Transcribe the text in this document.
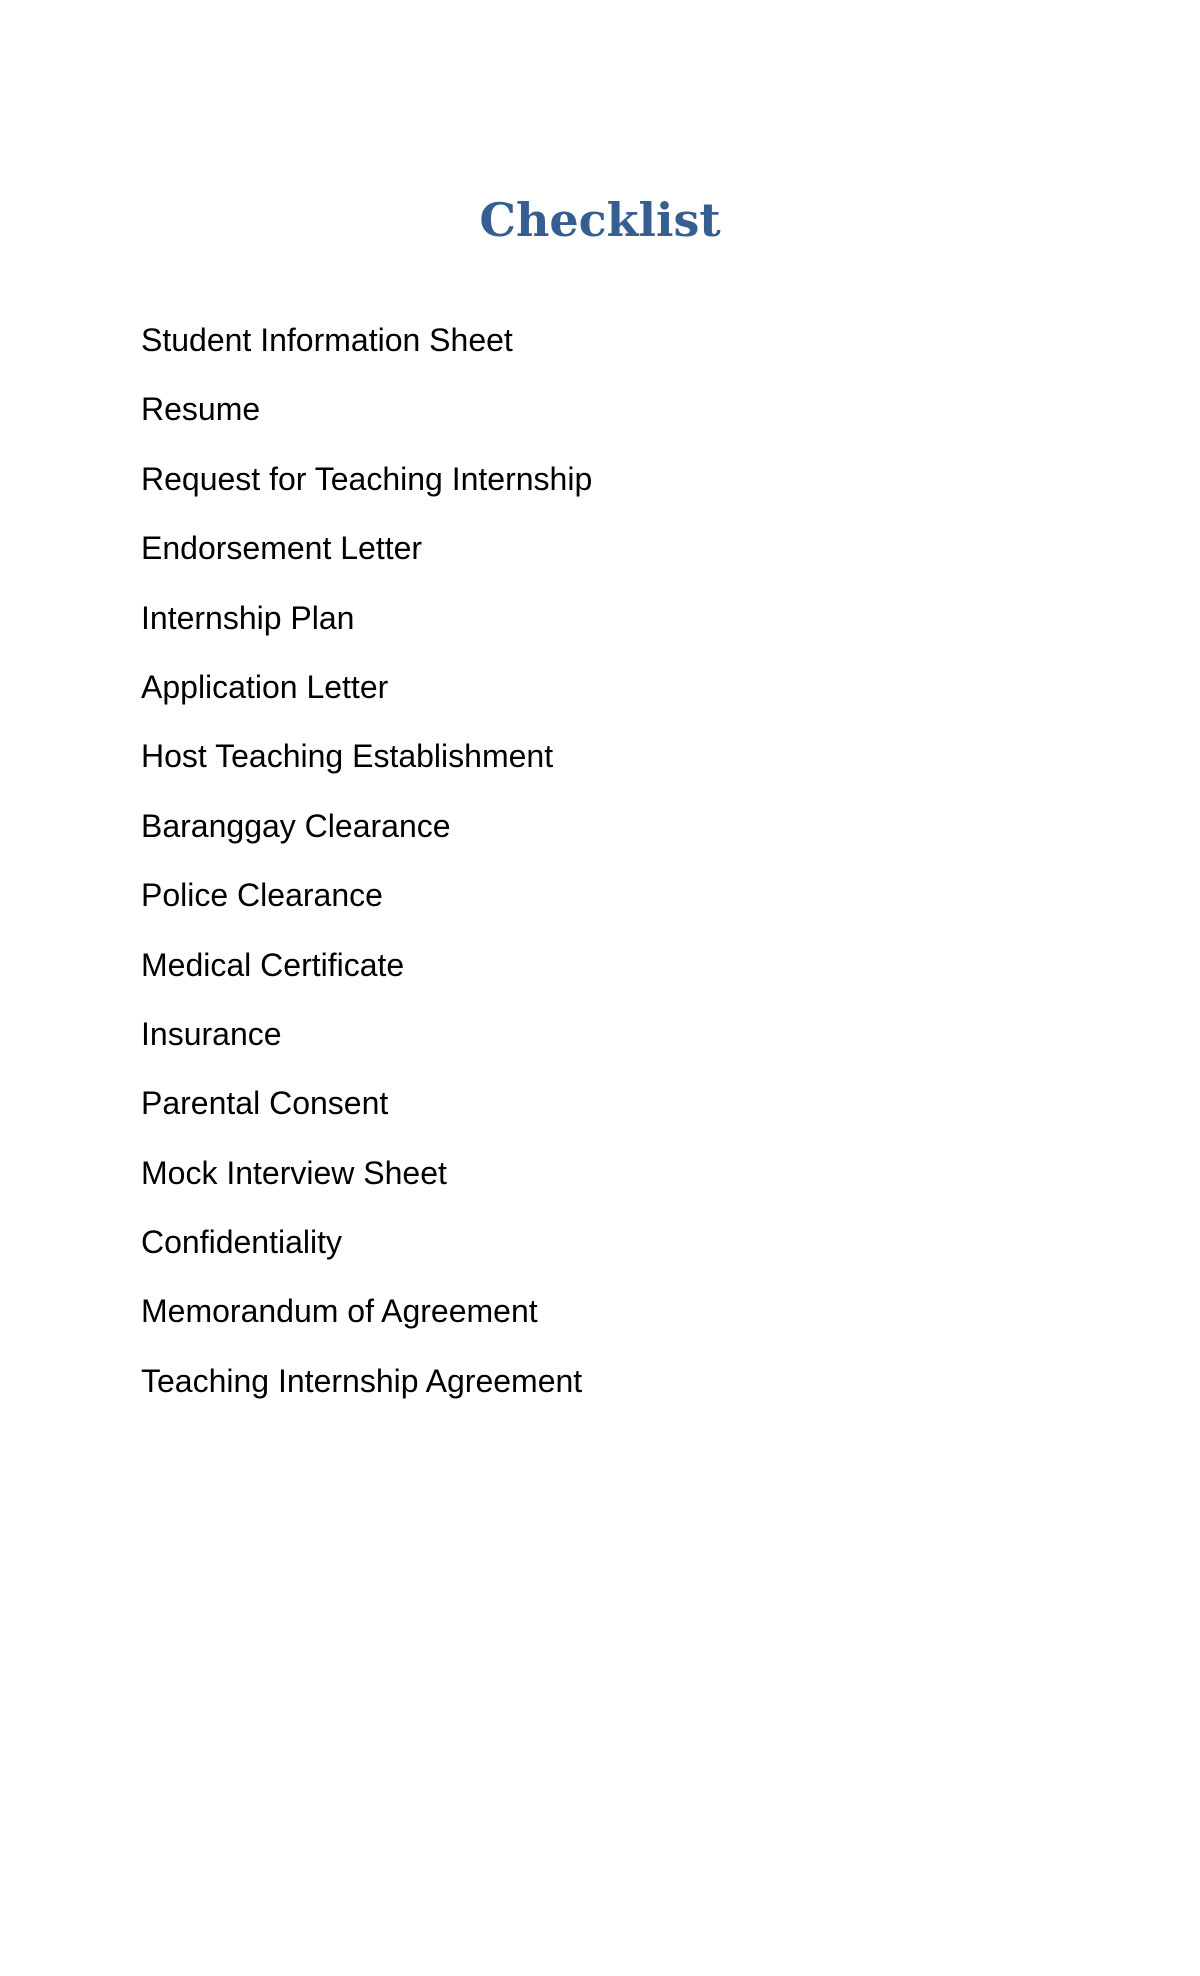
Checklist
Student Information Sheet
Resume
Request for Teaching Internship
Endorsement Letter
Internship Plan
Application Letter
Host Teaching Establishment
Baranggay Clearance
Police Clearance
Medical Certificate
Insurance
Parental Consent
Mock Interview Sheet
Confidentiality
Memorandum of Agreement
Teaching Internship Agreement
